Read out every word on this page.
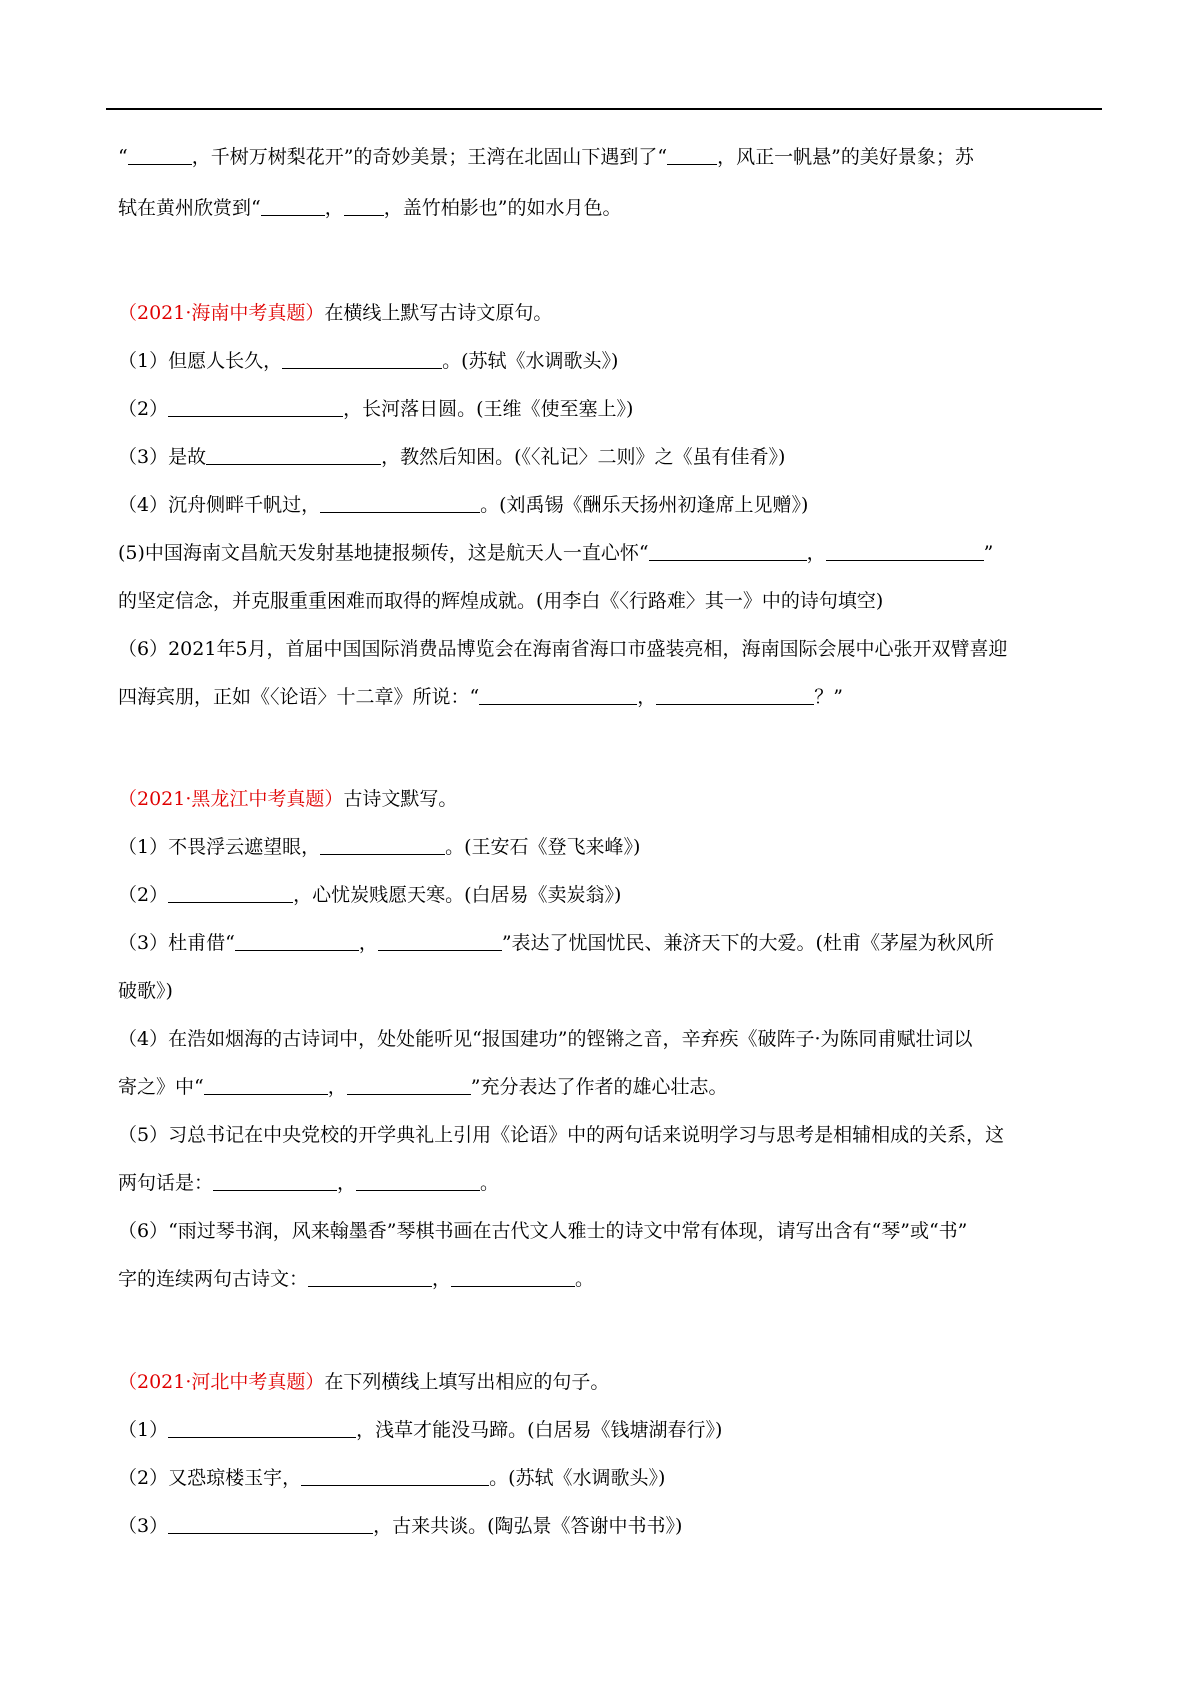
“	，千树万树梨花开”的奇妙美景；王湾在北固山下遇到了“	，风正一帆悬”的美好景象；苏
轼在黄州欣赏到“	， ，盖竹柏影也”的如水月色。
（2021·海南中考真题）在横线上默写古诗文原句。
（1）但愿人长久，	。(苏轼《水调歌头》)
（2）	，长河落日圆。(王维《使至塞上》)
（3）是故	，教然后知困。(《〈礼记〉二则》之《虽有佳肴》)
（4）沉舟侧畔千帆过，	。(刘禹锡《酬乐天扬州初逢席上见赠》)
(5)中国海南文昌航天发射基地捷报频传，这是航天人一直心怀“	，	”
的坚定信念，并克服重重困难而取得的辉煌成就。(用李白《〈行路难〉其一》中的诗句填空)
（6）2021年5月，首届中国国际消费品博览会在海南省海口市盛装亮相，海南国际会展中心张开双臂喜迎
四海宾朋，正如《〈论语〉十二章》所说：“	，	？”
（2021·黑龙江中考真题）古诗文默写。
（1）不畏浮云遮望眼，	。(王安石《登飞来峰》)
（2）	，心忧炭贱愿天寒。(白居易《卖炭翁》)
（3）杜甫借“	，	”表达了忧国忧民、兼济天下的大爱。(杜甫《茅屋为秋风所
破歌》)
（4）在浩如烟海的古诗词中，处处能听见“报国建功”的铿锵之音，辛弃疾《破阵子·为陈同甫赋壮词以
寄之》中“	，	”充分表达了作者的雄心壮志。
（5）习总书记在中央党校的开学典礼上引用《论语》中的两句话来说明学习与思考是相辅相成的关系，这
两句话是：	，	。
（6）“雨过琴书润，风来翰墨香”琴棋书画在古代文人雅士的诗文中常有体现，请写出含有“琴”或“书”
字的连续两句古诗文：	，	。
（2021·河北中考真题）在下列横线上填写出相应的句子。
（1）	，浅草才能没马蹄。(白居易《钱塘湖春行》)
（2）又恐琼楼玉宇，	。(苏轼《水调歌头》)
（3）	，古来共谈。(陶弘景《答谢中书书》)
